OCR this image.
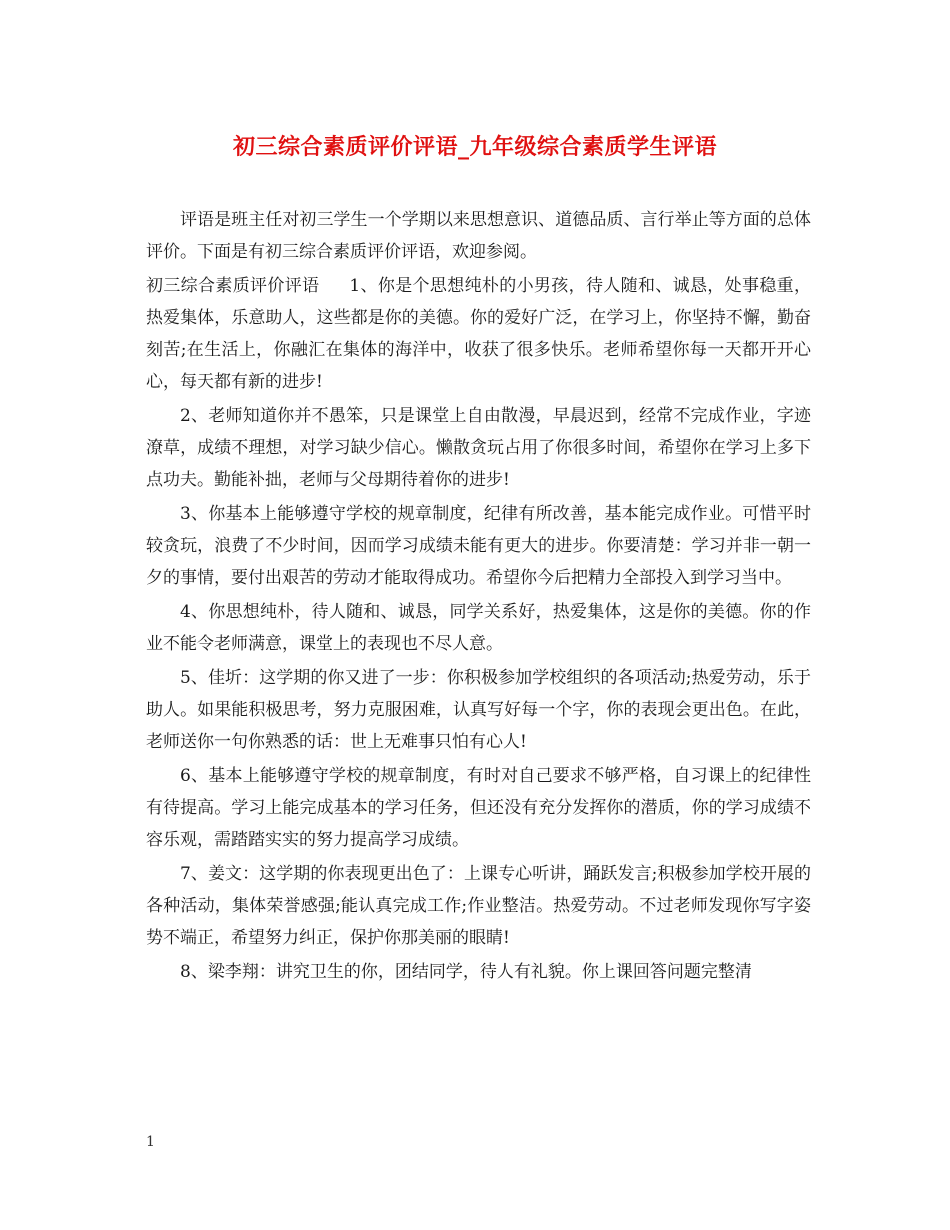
初三综合素质评价评语_九年级综合素质学生评语

评语是班主任对初三学生一个学期以来思想意识、道德品质、言行举止等方面的总体评价。下面是有初三综合素质评价评语，欢迎参阅。

初三综合素质评价评语 1、你是个思想纯朴的小男孩，待人随和、诚恳，处事稳重，热爱集体，乐意助人，这些都是你的美德。你的爱好广泛，在学习上，你坚持不懈，勤奋刻苦;在生活上，你融汇在集体的海洋中，收获了很多快乐。老师希望你每一天都开开心心，每天都有新的进步!

2、老师知道你并不愚笨，只是课堂上自由散漫，早晨迟到，经常不完成作业，字迹潦草，成绩不理想，对学习缺少信心。懒散贪玩占用了你很多时间，希望你在学习上多下点功夫。勤能补拙，老师与父母期待着你的进步!

3、你基本上能够遵守学校的规章制度，纪律有所改善，基本能完成作业。可惜平时较贪玩，浪费了不少时间，因而学习成绩未能有更大的进步。你要清楚：学习并非一朝一夕的事情，要付出艰苦的劳动才能取得成功。希望你今后把精力全部投入到学习当中。

4、你思想纯朴，待人随和、诚恳，同学关系好，热爱集体，这是你的美德。你的作业不能令老师满意，课堂上的表现也不尽人意。

5、佳圻：这学期的你又进了一步：你积极参加学校组织的各项活动;热爱劳动，乐于助人。如果能积极思考，努力克服困难，认真写好每一个字，你的表现会更出色。在此，老师送你一句你熟悉的话：世上无难事只怕有心人!

6、基本上能够遵守学校的规章制度，有时对自己要求不够严格，自习课上的纪律性有待提高。学习上能完成基本的学习任务，但还没有充分发挥你的潜质，你的学习成绩不容乐观，需踏踏实实的努力提高学习成绩。

7、姜文：这学期的你表现更出色了：上课专心听讲，踊跃发言;积极参加学校开展的各种活动，集体荣誉感强;能认真完成工作;作业整洁。热爱劳动。不过老师发现你写字姿势不端正，希望努力纠正，保护你那美丽的眼睛!

8、梁李翔：讲究卫生的你，团结同学，待人有礼貌。你上课回答问题完整清

1
